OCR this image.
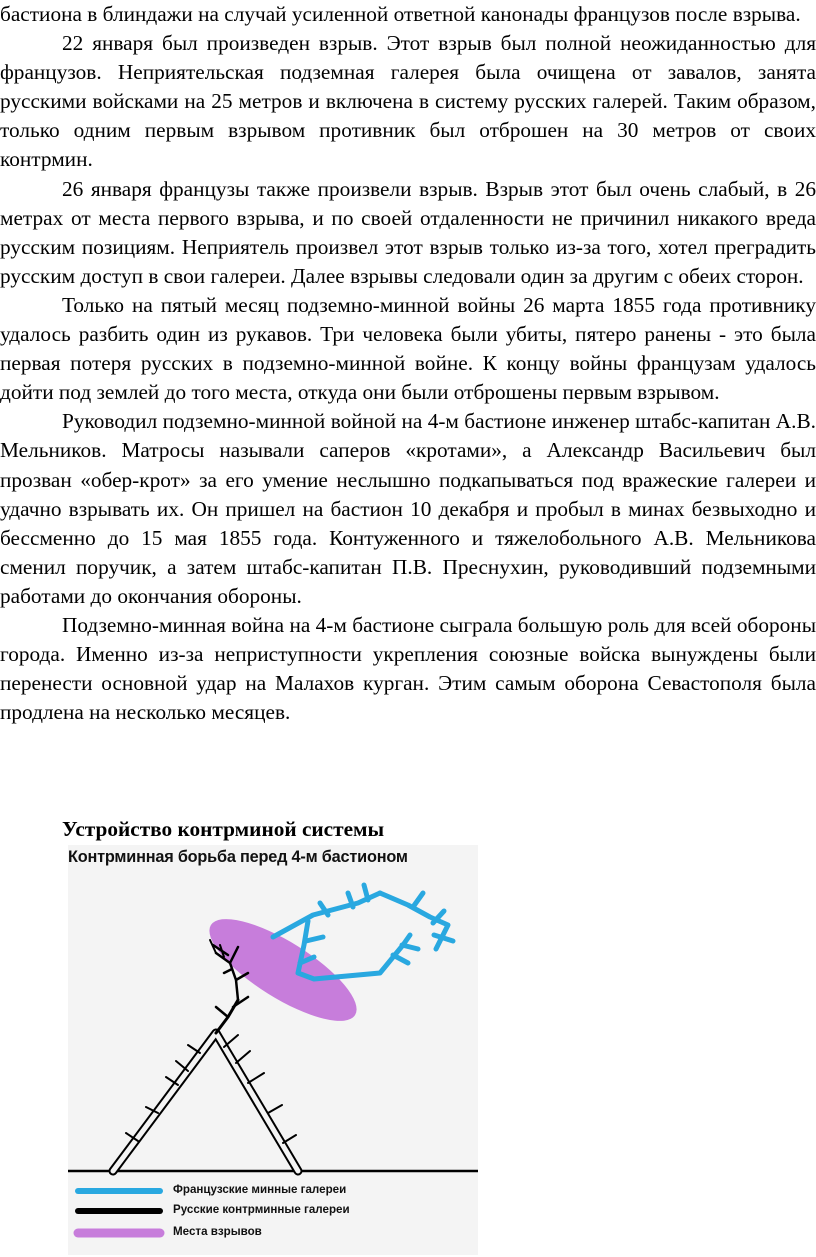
бастиона в блиндажи на случай усиленной ответной канонады французов после взрыва.

22 января был произведен взрыв. Этот взрыв был полной неожиданностью для французов. Неприятельская подземная галерея была очищена от завалов, занята русскими войсками на 25 метров и включена в систему русских галерей. Таким образом, только одним первым взрывом противник был отброшен на 30 метров от своих контрмин.

26 января французы также произвели взрыв. Взрыв этот был очень слабый, в 26 метрах от места первого взрыва, и по своей отдаленности не причинил никакого вреда русским позициям. Неприятель произвел этот взрыв только из-за того, хотел преградить русским доступ в свои галереи. Далее взрывы следовали один за другим с обеих сторон.

Только на пятый месяц подземно-минной войны 26 марта 1855 года противнику удалось разбить один из рукавов. Три человека были убиты, пятеро ранены - это была первая потеря русских в подземно-минной войне. К концу войны французам удалось дойти под землей до того места, откуда они были отброшены первым взрывом.

Руководил подземно-минной войной на 4-м бастионе инженер штабс-капитан А.В. Мельников. Матросы называли саперов «кротами», а Александр Васильевич был прозван «обер-крот» за его умение неслышно подкапываться под вражеские галереи и удачно взрывать их. Он пришел на бастион 10 декабря и пробыл в минах безвыходно и бессменно до 15 мая 1855 года. Контуженного и тяжелобольного А.В. Мельникова сменил поручик, а затем штабс-капитан П.В. Преснухин, руководивший подземными работами до окончания обороны.

Подземно-минная война на 4-м бастионе сыграла большую роль для всей обороны города. Именно из-за неприступности укрепления союзные войска вынуждены были перенести основной удар на Малахов курган. Этим самым оборона Севастополя была продлена на несколько месяцев.

Устройство контрминой системы
Контрминная борьба перед 4-м бастионом
Французские минные галереи
Русские контрминные галереи
Места взрывов
